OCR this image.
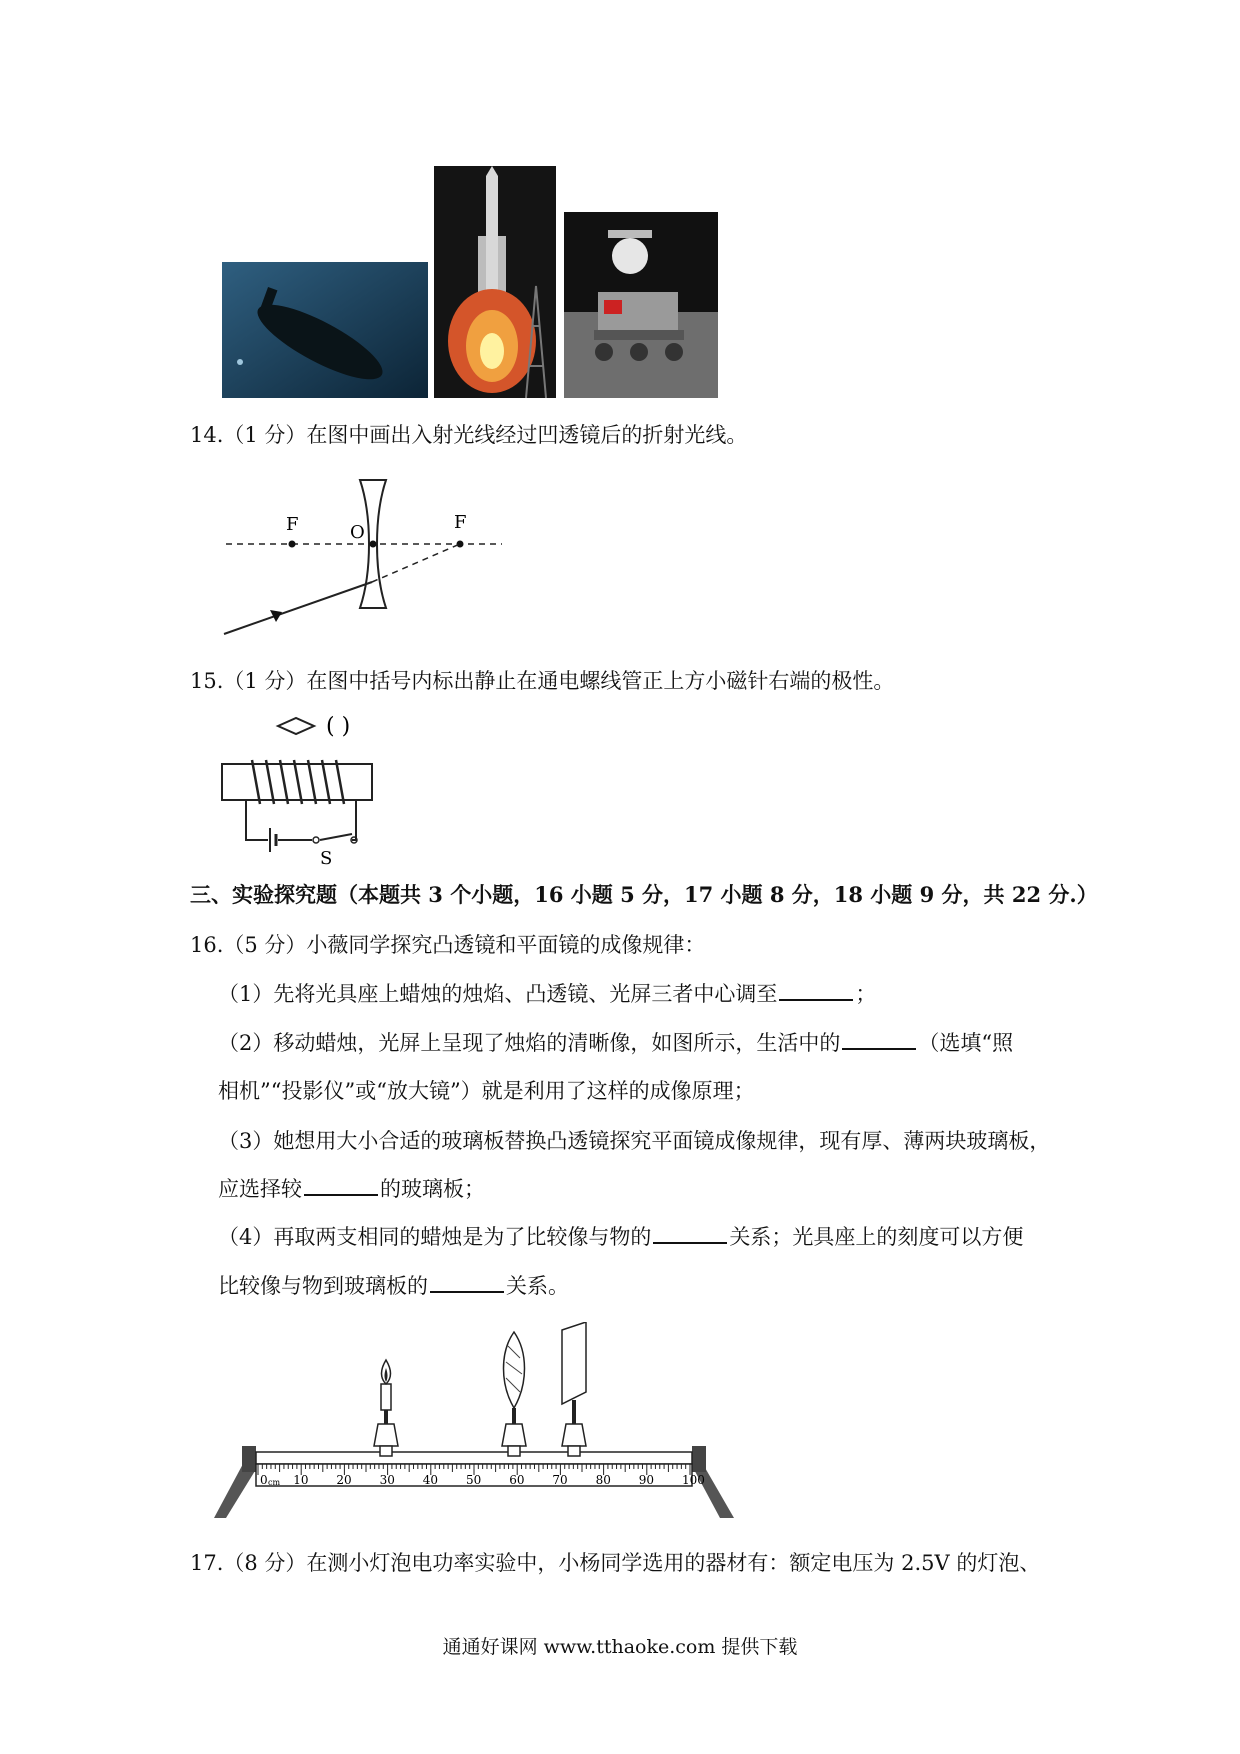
14.（1 分）在图中画出入射光线经过凹透镜后的折射光线。
F	O	F
15.（1 分）在图中括号内标出静止在通电螺线管正上方小磁针右端的极性。
( )
S
三、实验探究题（本题共 3 个小题，16 小题 5 分，17 小题 8 分，18 小题 9 分，共 22 分.）
16.（5 分）小薇同学探究凸透镜和平面镜的成像规律：
（1）先将光具座上蜡烛的烛焰、凸透镜、光屏三者中心调至	；
（2）移动蜡烛，光屏上呈现了烛焰的清晰像，如图所示，生活中的	（选填“照
相机”“投影仪”或“放大镜”）就是利用了这样的成像原理；
（3）她想用大小合适的玻璃板替换凸透镜探究平面镜成像规律，现有厚、薄两块玻璃板，
应选择较	的玻璃板；
（4）再取两支相同的蜡烛是为了比较像与物的	关系；光具座上的刻度可以方便
比较像与物到玻璃板的	关系。
0 10 20 30 40 50 60 70 80 90 100
cm
17.（8 分）在测小灯泡电功率实验中，小杨同学选用的器材有：额定电压为 2.5V 的灯泡、
通通好课网 www.tthaoke.com 提供下载
